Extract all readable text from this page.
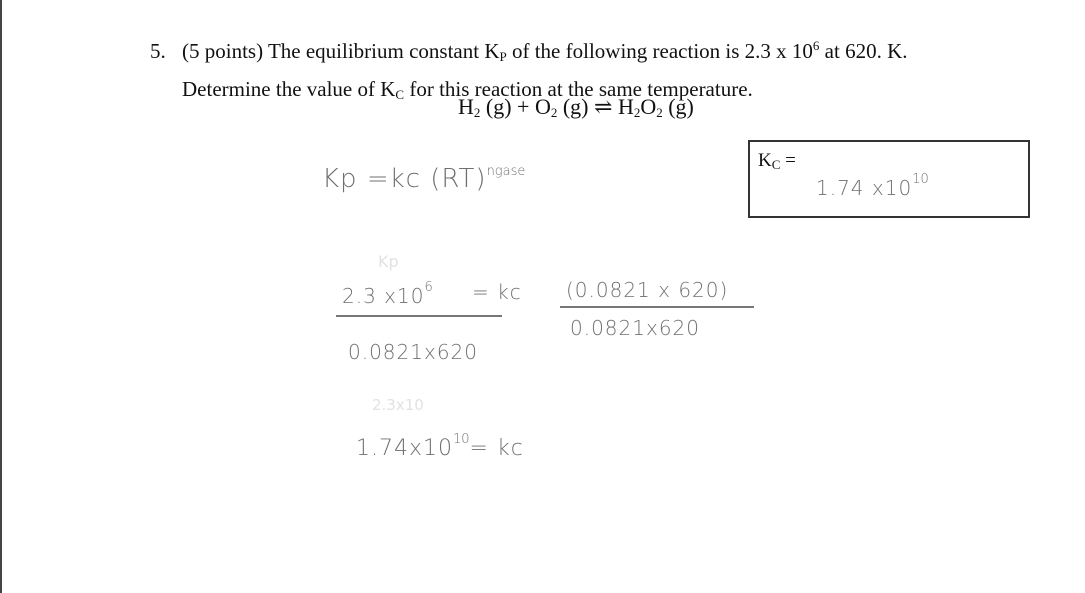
5. (5 points) The equilibrium constant $K_P$ of the following reaction is 2.3 x $10^6$ at 620. K.
Determine the value of $K_C$ for this reaction at the same temperature.
$H_2$ $(g) + O_2$ (g) ⇌ $H_2O_2$ (g)
$K_C$ =
1.74 $x10^{10}$
Kp
2.3x10
Kp =kc (RT)$^{ngase}$
2.3 $x10^6$ = kc (0.0821 x 620)
0.0821x620
0.0821x620
$1.74x10^{10}=$ kc
